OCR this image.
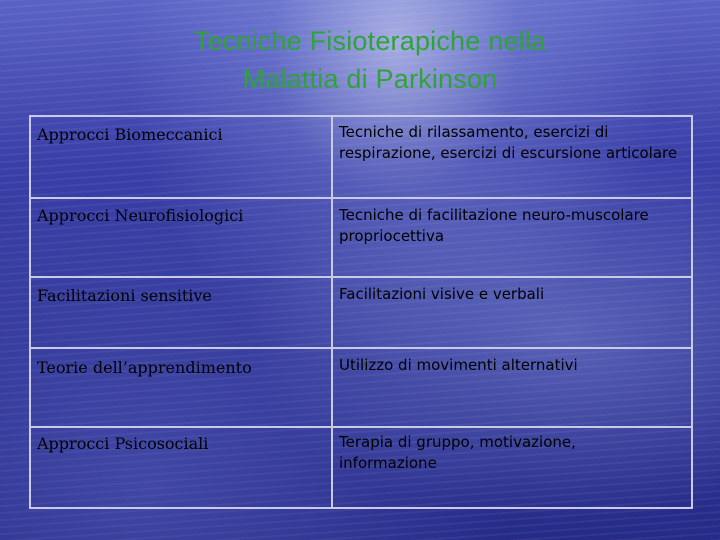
Tecniche Fisioterapiche nella
Malattia di Parkinson
Approcci Biomeccanici	Tecniche di rilassamento, esercizi di respirazione, esercizi di escursione articolare
Approcci Neurofisiologici	Tecniche di facilitazione neuro-muscolare propriocettiva
Facilitazioni sensitive	Facilitazioni visive e verbali
Teorie dell’apprendimento	Utilizzo di movimenti alternativi
Approcci Psicosociali	Terapia di gruppo, motivazione, informazione
